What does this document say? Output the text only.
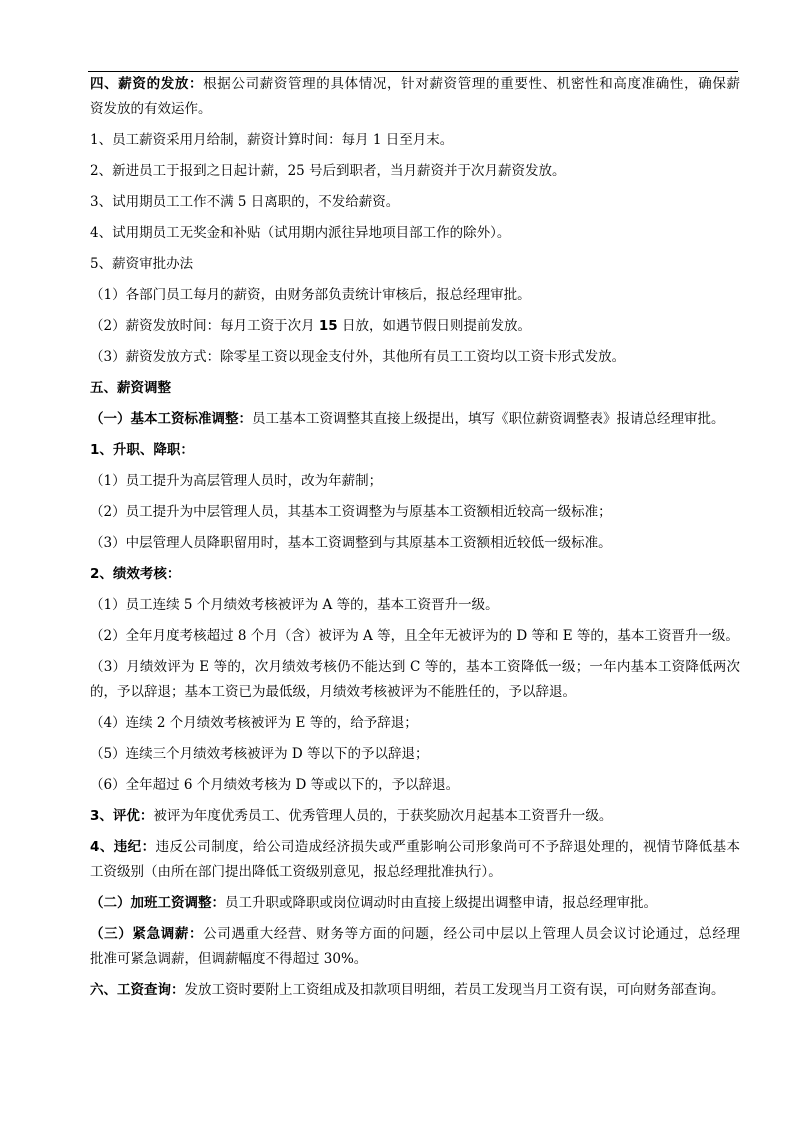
四、薪资的发放：根据公司薪资管理的具体情况，针对薪资管理的重要性、机密性和高度准确性，确保薪
资发放的有效运作。
1、员工薪资采用月给制，薪资计算时间：每月 1 日至月末。
2、新进员工于报到之日起计薪，25 号后到职者，当月薪资并于次月薪资发放。
3、试用期员工工作不满 5 日离职的，不发给薪资。
4、试用期员工无奖金和补贴（试用期内派往异地项目部工作的除外）。
5、薪资审批办法
（1）各部门员工每月的薪资，由财务部负责统计审核后，报总经理审批。
（2）薪资发放时间：每月工资于次月 15 日放，如遇节假日则提前发放。
（3）薪资发放方式：除零星工资以现金支付外，其他所有员工工资均以工资卡形式发放。
五、薪资调整
（一）基本工资标准调整：员工基本工资调整其直接上级提出，填写《职位薪资调整表》报请总经理审批。
1、升职、降职：
（1）员工提升为高层管理人员时，改为年薪制；
（2）员工提升为中层管理人员，其基本工资调整为与原基本工资额相近较高一级标准；
（3）中层管理人员降职留用时，基本工资调整到与其原基本工资额相近较低一级标准。
2、绩效考核：
（1）员工连续 5 个月绩效考核被评为 A 等的，基本工资晋升一级。
（2）全年月度考核超过 8 个月（含）被评为 A 等，且全年无被评为的 D 等和 E 等的，基本工资晋升一级。
（3）月绩效评为 E 等的，次月绩效考核仍不能达到 C 等的，基本工资降低一级；一年内基本工资降低两次
的，予以辞退；基本工资已为最低级，月绩效考核被评为不能胜任的，予以辞退。
（4）连续 2 个月绩效考核被评为 E 等的，给予辞退；
（5）连续三个月绩效考核被评为 D 等以下的予以辞退；
（6）全年超过 6 个月绩效考核为 D 等或以下的，予以辞退。
3、评优：被评为年度优秀员工、优秀管理人员的，于获奖励次月起基本工资晋升一级。
4、违纪：违反公司制度，给公司造成经济损失或严重影响公司形象尚可不予辞退处理的，视情节降低基本
工资级别（由所在部门提出降低工资级别意见，报总经理批准执行）。
（二）加班工资调整：员工升职或降职或岗位调动时由直接上级提出调整申请，报总经理审批。
（三）紧急调薪：公司遇重大经营、财务等方面的问题，经公司中层以上管理人员会议讨论通过，总经理
批准可紧急调薪，但调薪幅度不得超过 30%。
六、工资查询：发放工资时要附上工资组成及扣款项目明细，若员工发现当月工资有误，可向财务部查询。
